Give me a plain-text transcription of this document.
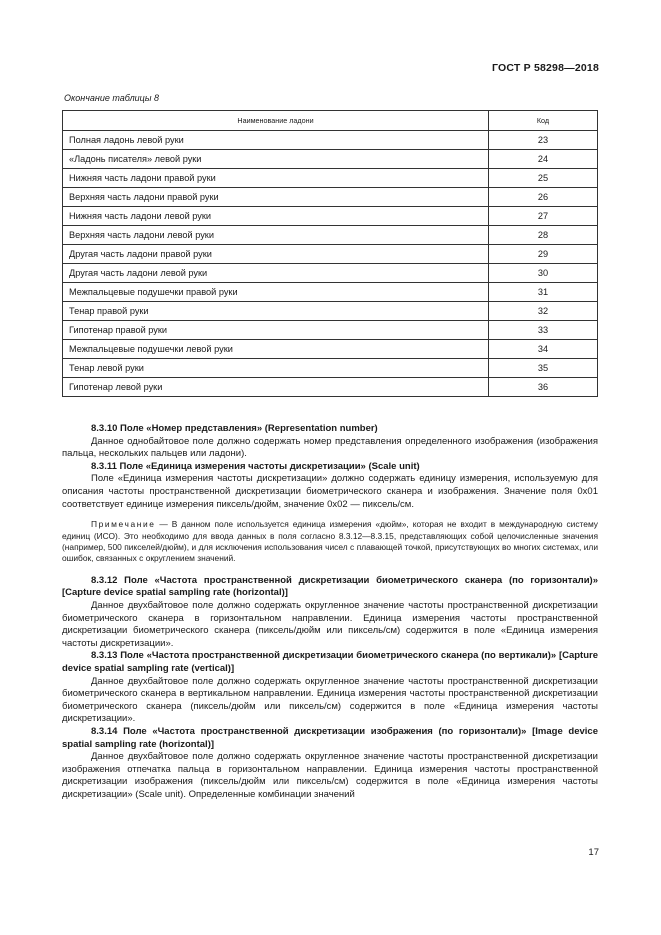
ГОСТ Р 58298—2018
Окончание таблицы 8
Наименование ладони	Код
Полная ладонь левой руки	23
«Ладонь писателя» левой руки	24
Нижняя часть ладони правой руки	25
Верхняя часть ладони правой руки	26
Нижняя часть ладони левой руки	27
Верхняя часть ладони левой руки	28
Другая часть ладони правой руки	29
Другая часть ладони левой руки	30
Межпальцевые подушечки правой руки	31
Тенар правой руки	32
Гипотенар правой руки	33
Межпальцевые подушечки левой руки	34
Тенар левой руки	35
Гипотенар левой руки	36

8.3.10 Поле «Номер представления» (Representation number)

Данное однобайтовое поле должно содержать номер представления определенного изображения (изображения пальца, нескольких пальцев или ладони).

8.3.11 Поле «Единица измерения частоты дискретизации» (Scale unit)

Поле «Единица измерения частоты дискретизации» должно содержать единицу измерения, используемую для описания частоты пространственной дискретизации биометрического сканера и изображения. Значение поля 0x01 соответствует единице измерения пиксель/дюйм, значение 0x02 — пиксель/см.

Примечание — В данном поле используется единица измерения «дюйм», которая не входит в международную систему единиц (ИСО). Это необходимо для ввода данных в поля согласно 8.3.12—8.3.15, представляющих собой целочисленные значения (например, 500 пикселей/дюйм), и для исключения использования чисел с плавающей точкой, присутствующих во многих системах, или ошибок, связанных с округлением значений.

8.3.12 Поле «Частота пространственной дискретизации биометрического сканера (по горизонтали)» [Capture device spatial sampling rate (horizontal)]

Данное двухбайтовое поле должно содержать округленное значение частоты пространственной дискретизации биометрического сканера в горизонтальном направлении. Единица измерения частоты пространственной дискретизации биометрического сканера (пиксель/дюйм или пиксель/см) содержится в поле «Единица измерения частоты дискретизации».

8.3.13 Поле «Частота пространственной дискретизации биометрического сканера (по вертикали)» [Capture device spatial sampling rate (vertical)]

Данное двухбайтовое поле должно содержать округленное значение частоты пространственной дискретизации биометрического сканера в вертикальном направлении. Единица измерения частоты пространственной дискретизации биометрического сканера (пиксель/дюйм или пиксель/см) содержится в поле «Единица измерения частоты дискретизации».

8.3.14 Поле «Частота пространственной дискретизации изображения (по горизонтали)» [Image device spatial sampling rate (horizontal)]

Данное двухбайтовое поле должно содержать округленное значение частоты пространственной дискретизации изображения отпечатка пальца в горизонтальном направлении. Единица измерения частоты пространственной дискретизации изображения (пиксель/дюйм или пиксель/см) содержится в поле «Единица измерения частоты дискретизации» (Scale unit). Определенные комбинации значений

17
